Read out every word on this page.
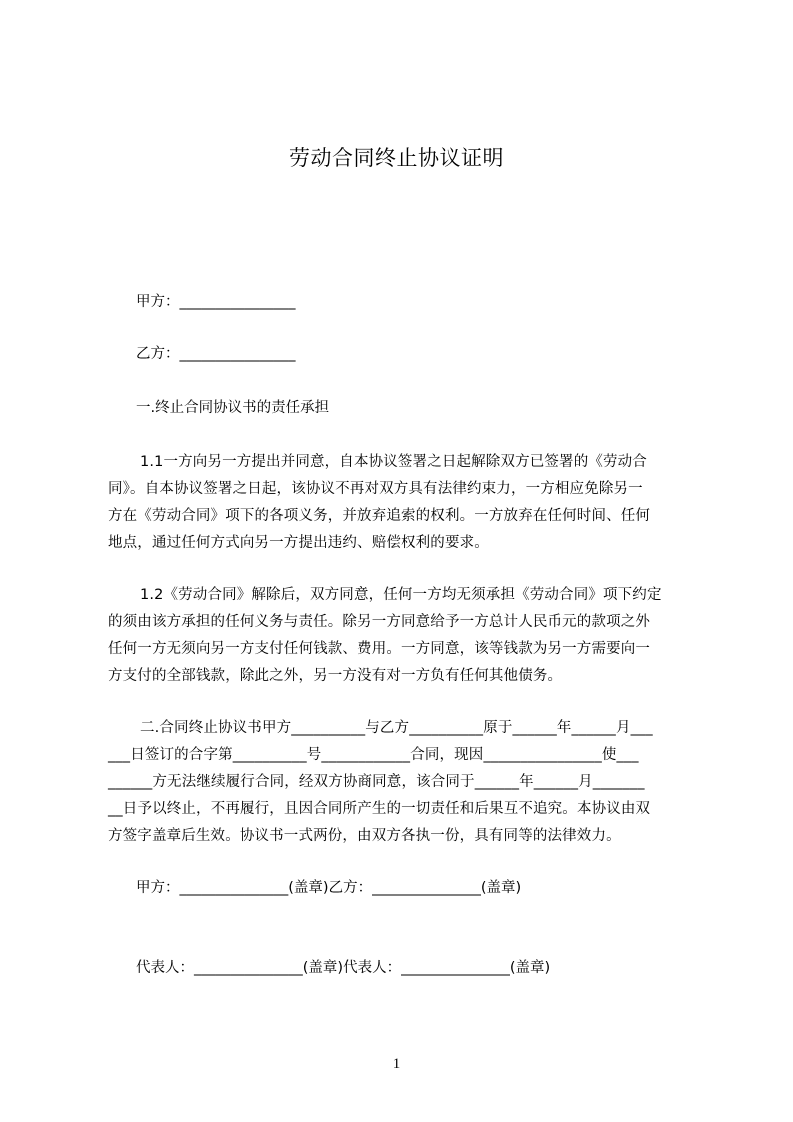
劳动合同终止协议证明
甲方：________________
乙方：________________
一.终止合同协议书的责任承担
1.1一方向另一方提出并同意，自本协议签署之日起解除双方已签署的《劳动合
同》。自本协议签署之日起，该协议不再对双方具有法律约束力，一方相应免除另一
方在《劳动合同》项下的各项义务，并放弃追索的权利。一方放弃在任何时间、任何
地点，通过任何方式向另一方提出违约、赔偿权利的要求。
1.2《劳动合同》解除后，双方同意，任何一方均无须承担《劳动合同》项下约定
的须由该方承担的任何义务与责任。除另一方同意给予一方总计人民币元的款项之外
任何一方无须向另一方支付任何钱款、费用。一方同意，该等钱款为另一方需要向一
方支付的全部钱款，除此之外，另一方没有对一方负有任何其他债务。
二.合同终止协议书甲方__________与乙方__________原于______年______月___
___日签订的合字第__________号____________合同，现因________________使___
______方无法继续履行合同，经双方协商同意，该合同于______年______月_______
__日予以终止，不再履行，且因合同所产生的一切责任和后果互不追究。本协议由双
方签字盖章后生效。协议书一式两份，由双方各执一份，具有同等的法律效力。
甲方：_______________(盖章)乙方：_______________(盖章)
代表人：_______________(盖章)代表人：_______________(盖章)
1
